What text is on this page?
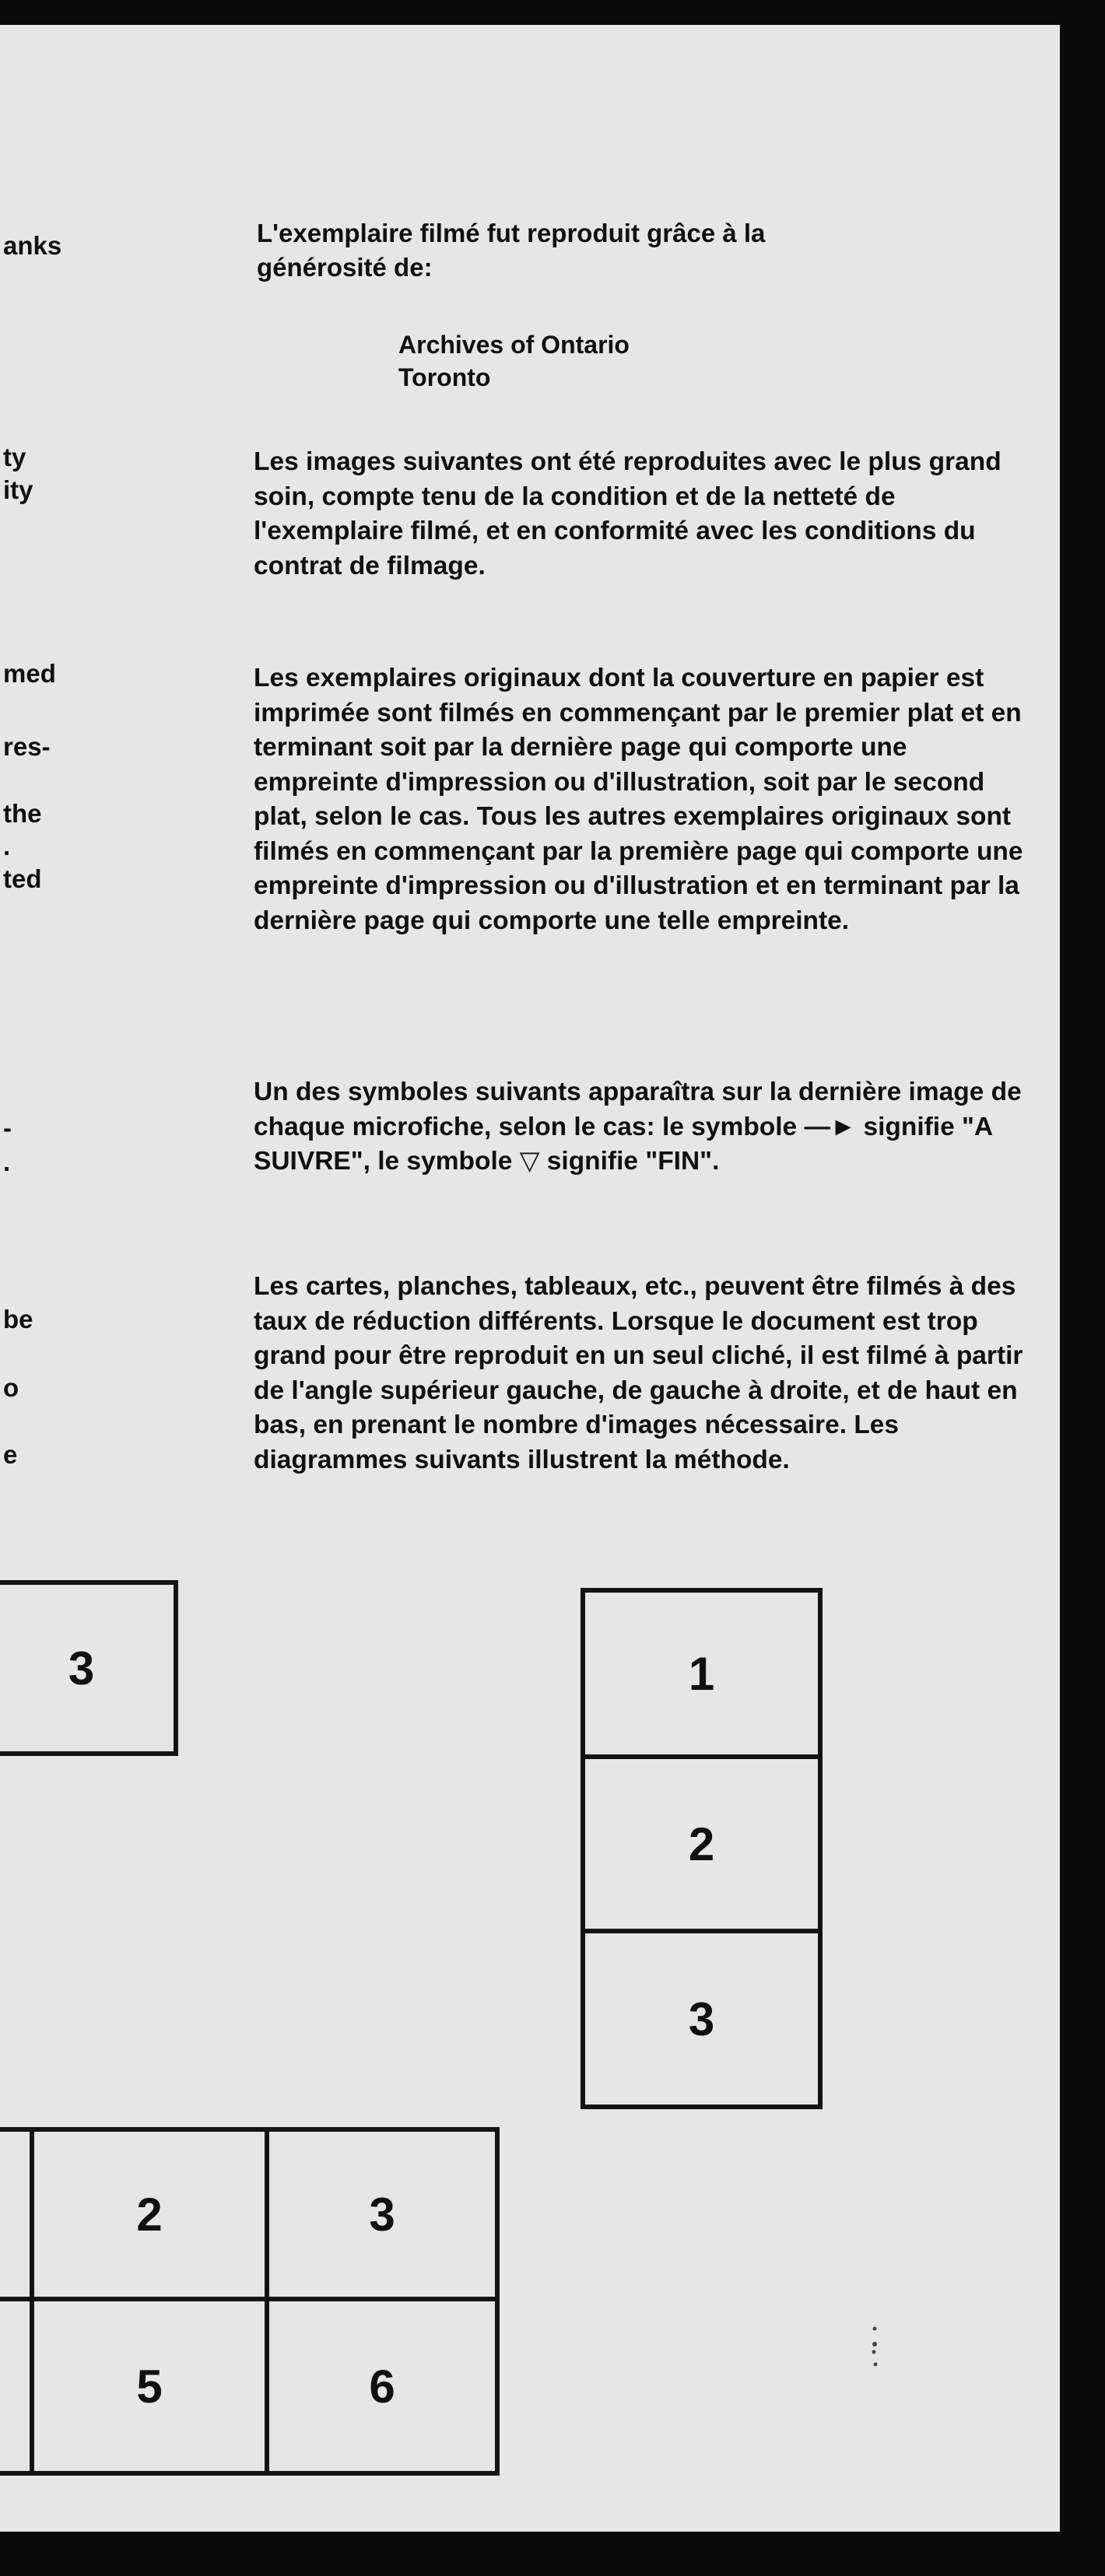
anks

ty

ity

med

res-

the

.

ted

-

.

be

o

e

L'exemplaire filmé fut reproduit grâce à la
générosité de:
Archives of Ontario
Toronto

Les images suivantes ont été reproduites avec le plus grand soin, compte tenu de la condition et de la netteté de l'exemplaire filmé, et en conformité avec les conditions du contrat de filmage.

Les exemplaires originaux dont la couverture en papier est imprimée sont filmés en commençant par le premier plat et en terminant soit par la dernière page qui comporte une empreinte d'impression ou d'illustration, soit par le second plat, selon le cas. Tous les autres exemplaires originaux sont filmés en commençant par la première page qui comporte une empreinte d'impression ou d'illustration et en terminant par la dernière page qui comporte une telle empreinte.

Un des symboles suivants apparaîtra sur la dernière image de chaque microfiche, selon le cas: le symbole —► signifie "A SUIVRE", le symbole ▽ signifie "FIN".

Les cartes, planches, tableaux, etc., peuvent être filmés à des taux de réduction différents. Lorsque le document est trop grand pour être reproduit en un seul cliché, il est filmé à partir de l'angle supérieur gauche, de gauche à droite, et de haut en bas, en prenant le nombre d'images nécessaire. Les diagrammes suivants illustrent la méthode.

3	1
2
3
2	3
5	6
